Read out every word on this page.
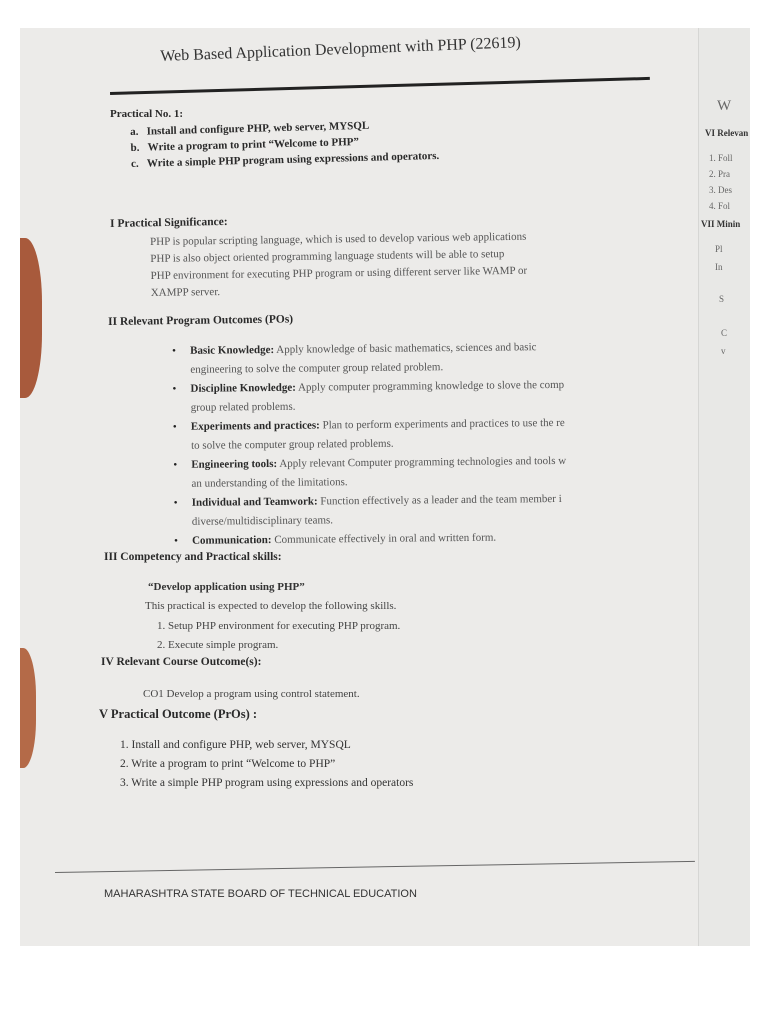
W
VI Relevan
1. Foll
2. Pra
3. Des
4. Fol
VII Minin
Pl
In
S
C
v
Web Based Application Development with PHP (22619)
Practical No. 1:
a. Install and configure PHP, web server, MYSQL
b. Write a program to print “Welcome to PHP”
c. Write a simple PHP program using expressions and operators.
I Practical Significance:
PHP is popular scripting language, which is used to develop various web applications
PHP is also object oriented programming language students will be able to setup
PHP environment for executing PHP program or using different server like WAMP or
XAMPP server.
II Relevant Program Outcomes (POs)
• Basic Knowledge: Apply knowledge of basic mathematics, sciences and basic
engineering to solve the computer group related problem.
• Discipline Knowledge: Apply computer programming knowledge to slove the comp
group related problems.
• Experiments and practices: Plan to perform experiments and practices to use the re
to solve the computer group related problems.
• Engineering tools: Apply relevant Computer programming technologies and tools w
an understanding of the limitations.
• Individual and Teamwork: Function effectively as a leader and the team member i
diverse/multidisciplinary teams.
• Communication: Communicate effectively in oral and written form.
III Competency and Practical skills:
“Develop application using PHP”
This practical is expected to develop the following skills.
1. Setup PHP environment for executing PHP program.
2. Execute simple program.
IV Relevant Course Outcome(s):
CO1 Develop a program using control statement.
V Practical Outcome (PrOs) :
1. Install and configure PHP, web server, MYSQL
2. Write a program to print “Welcome to PHP”
3. Write a simple PHP program using expressions and operators
MAHARASHTRA STATE BOARD OF TECHNICAL EDUCATION
